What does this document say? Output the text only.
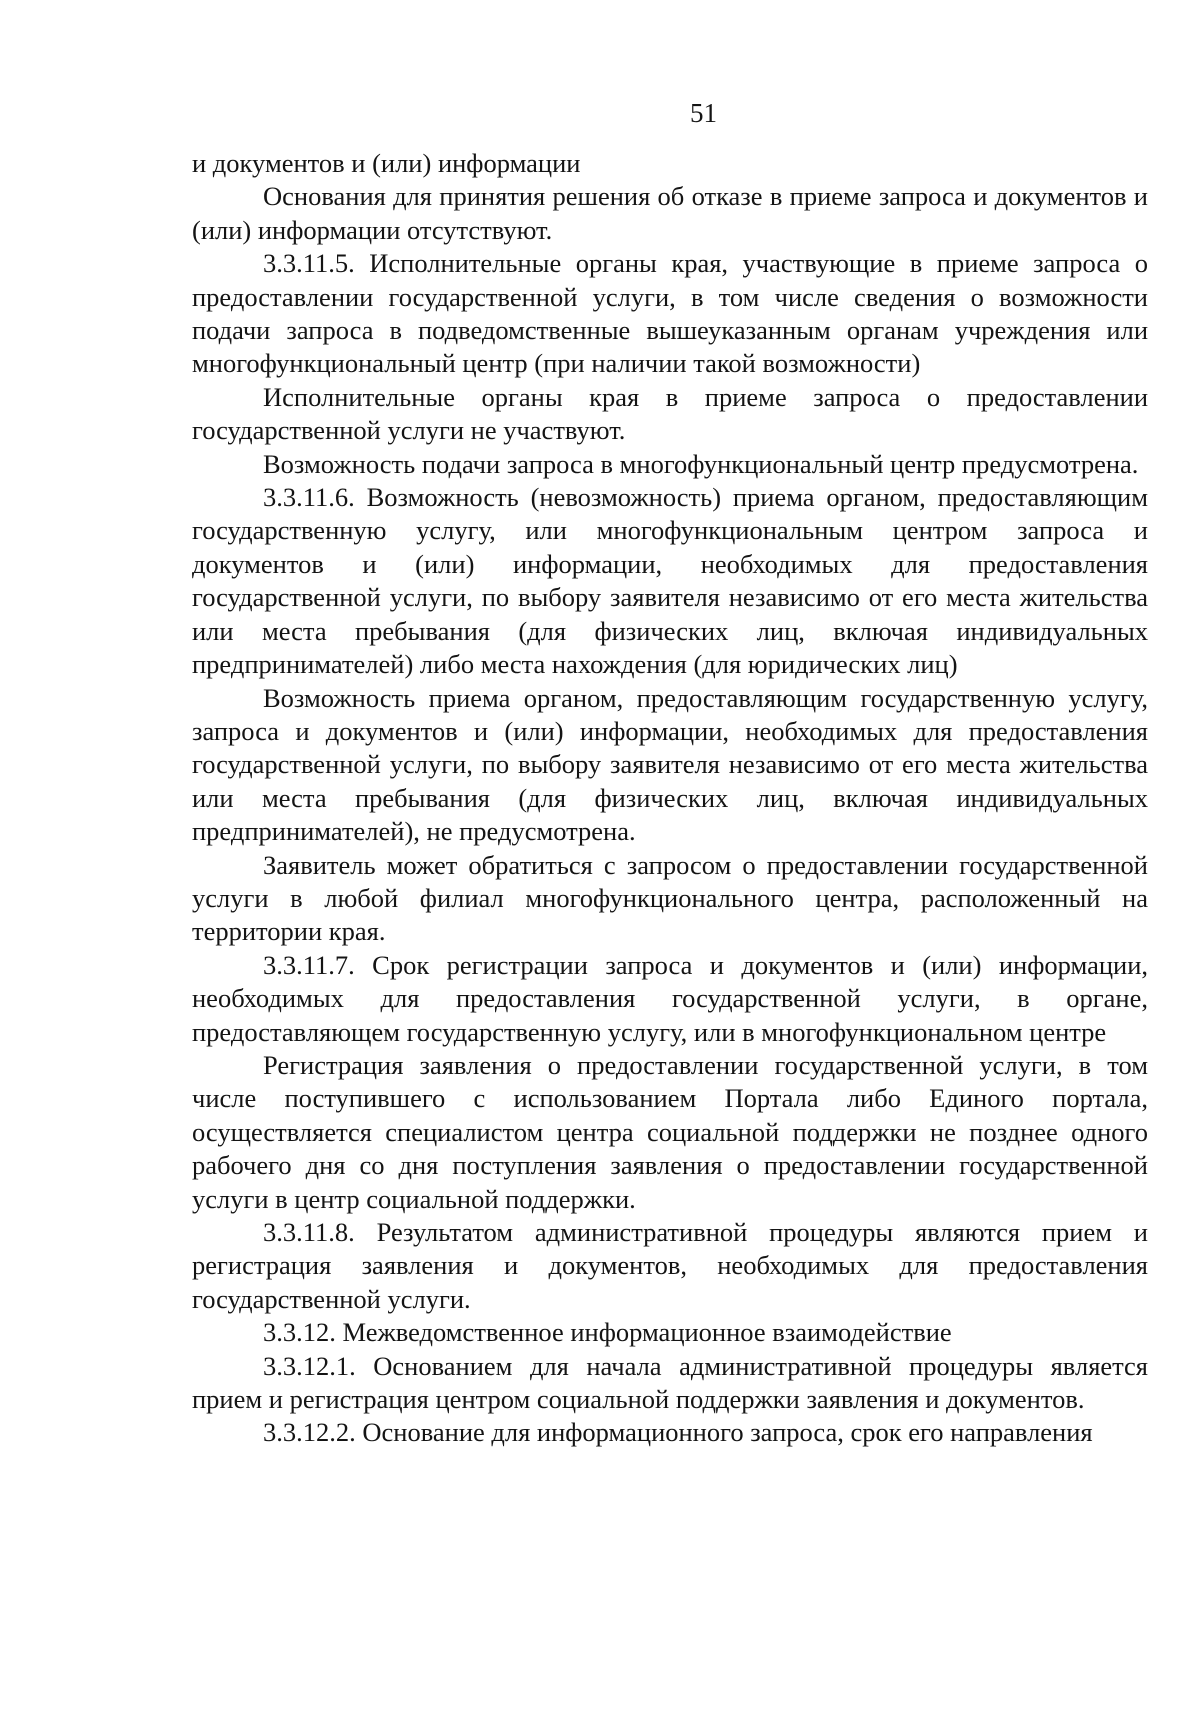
51

и документов и (или) информации

Основания для принятия решения об отказе в приеме запроса и документов и (или) информации отсутствуют.

3.3.11.5. Исполнительные органы края, участвующие в приеме запроса о предоставлении государственной услуги, в том числе сведения о возможности подачи запроса в подведомственные вышеуказанным органам учреждения или многофункциональный центр (при наличии такой возможности)

Исполнительные органы края в приеме запроса о предоставлении государственной услуги не участвуют.

Возможность подачи запроса в многофункциональный центр предусмотрена.

3.3.11.6. Возможность (невозможность) приема органом, предоставляющим государственную услугу, или многофункциональным центром запроса и документов и (или) информации, необходимых для предоставления государственной услуги, по выбору заявителя независимо от его места жительства или места пребывания (для физических лиц, включая индивидуальных предпринимателей) либо места нахождения (для юридических лиц)

Возможность приема органом, предоставляющим государственную услугу, запроса и документов и (или) информации, необходимых для предоставления государственной услуги, по выбору заявителя независимо от его места жительства или места пребывания (для физических лиц, включая индивидуальных предпринимателей), не предусмотрена.

Заявитель может обратиться с запросом о предоставлении государственной услуги в любой филиал многофункционального центра, расположенный на территории края.

3.3.11.7. Срок регистрации запроса и документов и (или) информации, необходимых для предоставления государственной услуги, в органе, предоставляющем государственную услугу, или в многофункциональном центре

Регистрация заявления о предоставлении государственной услуги, в том числе поступившего с использованием Портала либо Единого портала, осуществляется специалистом центра социальной поддержки не позднее одного рабочего дня со дня поступления заявления о предоставлении государственной услуги в центр социальной поддержки.

3.3.11.8. Результатом административной процедуры являются прием и регистрация заявления и документов, необходимых для предоставления государственной услуги.

3.3.12. Межведомственное информационное взаимодействие

3.3.12.1. Основанием для начала административной процедуры является прием и регистрация центром социальной поддержки заявления и документов.

3.3.12.2. Основание для информационного запроса, срок его направления
